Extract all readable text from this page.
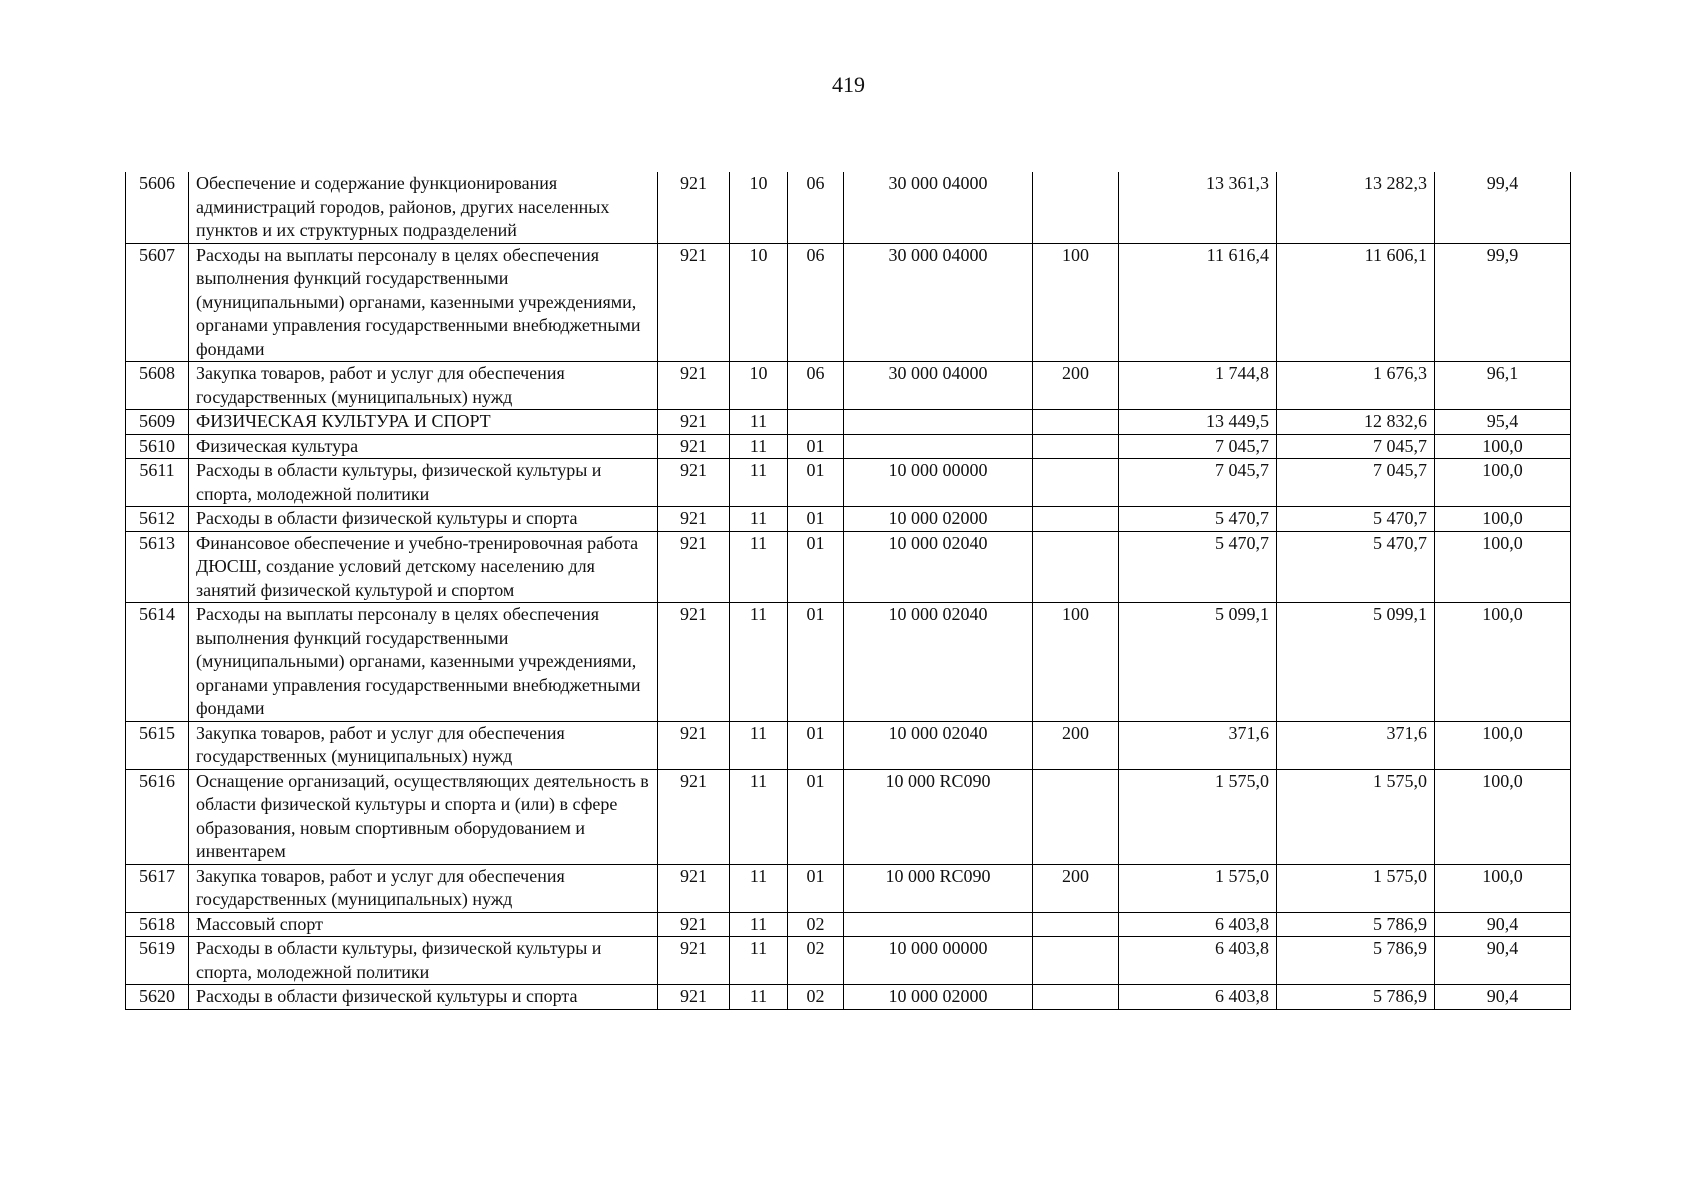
419
5606	Обеспечение и содержание функционирования администраций городов, районов, других населенных пунктов и их структурных подразделений	921	10	06	30 000 04000		13 361,3	13 282,3	99,4
5607	Расходы на выплаты персоналу в целях обеспечения выполнения функций государственными (муниципальными) органами, казенными учреждениями, органами управления государственными внебюджетными фондами	921	10	06	30 000 04000	100	11 616,4	11 606,1	99,9
5608	Закупка товаров, работ и услуг для обеспечения государственных (муниципальных) нужд	921	10	06	30 000 04000	200	1 744,8	1 676,3	96,1
5609	ФИЗИЧЕСКАЯ КУЛЬТУРА И СПОРТ	921	11				13 449,5	12 832,6	95,4
5610	Физическая культура	921	11	01			7 045,7	7 045,7	100,0
5611	Расходы в области культуры, физической культуры и спорта, молодежной политики	921	11	01	10 000 00000		7 045,7	7 045,7	100,0
5612	Расходы в области физической культуры и спорта	921	11	01	10 000 02000		5 470,7	5 470,7	100,0
5613	Финансовое обеспечение и учебно-тренировочная работа ДЮСШ, создание условий детскому населению для занятий физической культурой и спортом	921	11	01	10 000 02040		5 470,7	5 470,7	100,0
5614	Расходы на выплаты персоналу в целях обеспечения выполнения функций государственными (муниципальными) органами, казенными учреждениями, органами управления государственными внебюджетными фондами	921	11	01	10 000 02040	100	5 099,1	5 099,1	100,0
5615	Закупка товаров, работ и услуг для обеспечения государственных (муниципальных) нужд	921	11	01	10 000 02040	200	371,6	371,6	100,0
5616	Оснащение организаций, осуществляющих деятельность в области физической культуры и спорта и (или) в сфере образования, новым спортивным оборудованием и инвентарем	921	11	01	10 000 RC090		1 575,0	1 575,0	100,0
5617	Закупка товаров, работ и услуг для обеспечения государственных (муниципальных) нужд	921	11	01	10 000 RC090	200	1 575,0	1 575,0	100,0
5618	Массовый спорт	921	11	02			6 403,8	5 786,9	90,4
5619	Расходы в области культуры, физической культуры и спорта, молодежной политики	921	11	02	10 000 00000		6 403,8	5 786,9	90,4
5620	Расходы в области физической культуры и спорта	921	11	02	10 000 02000		6 403,8	5 786,9	90,4
